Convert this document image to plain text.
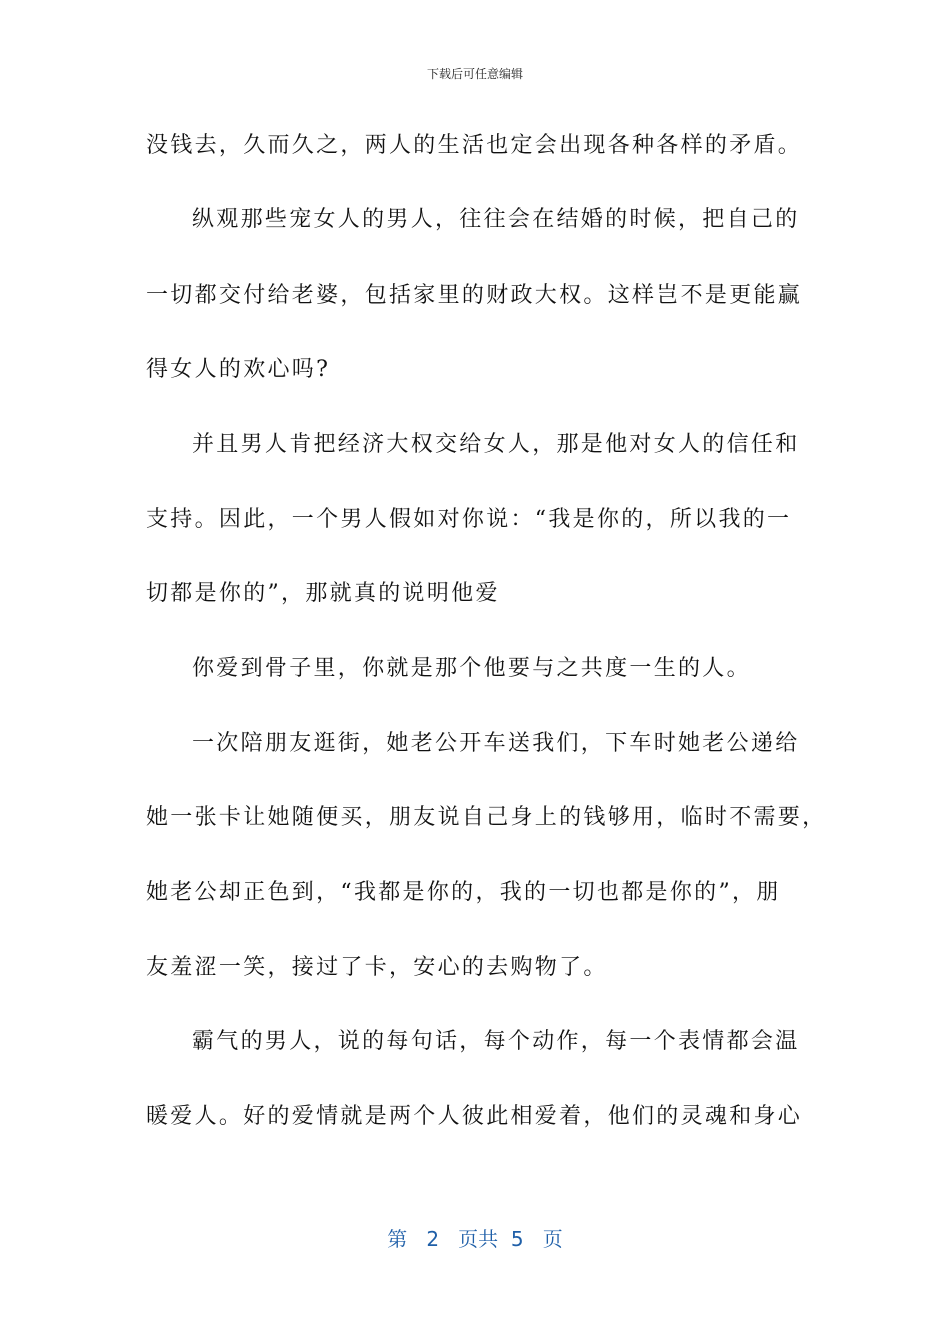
下载后可任意编辑
没钱去，久而久之，两人的生活也定会出现各种各样的矛盾。
纵观那些宠女人的男人，往往会在结婚的时候，把自己的
一切都交付给老婆，包括家里的财政大权。这样岂不是更能赢
得女人的欢心吗?
并且男人肯把经济大权交给女人，那是他对女人的信任和
支持。因此，一个男人假如对你说：“我是你的，所以我的一
切都是你的”，那就真的说明他爱
你爱到骨子里，你就是那个他要与之共度一生的人。
一次陪朋友逛街，她老公开车送我们，下车时她老公递给
她一张卡让她随便买，朋友说自己身上的钱够用，临时不需要，
她老公却正色到，“我都是你的，我的一切也都是你的”，朋
友羞涩一笑，接过了卡，安心的去购物了。
霸气的男人，说的每句话，每个动作，每一个表情都会温
暖爱人。好的爱情就是两个人彼此相爱着，他们的灵魂和身心
第 2 页共 5 页
